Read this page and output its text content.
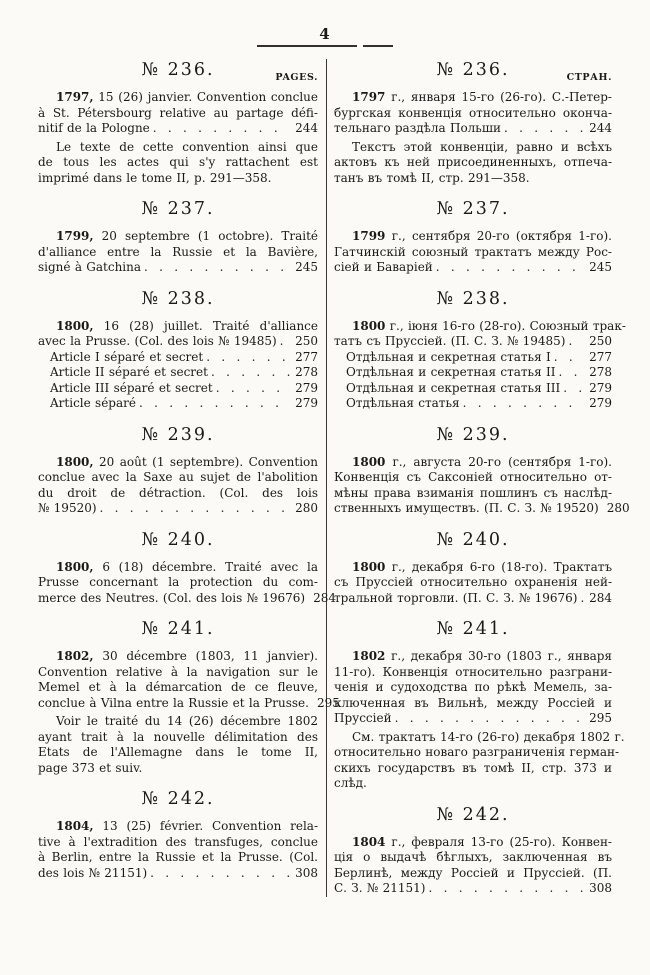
4
PAGES.
№ 236.
1797, 15 (26) janvier. Convention conclue
à St. Pétersbourg relative au partage défi-
nitif de la Pologne . . .	244
Le texte de cette convention ainsi que
de tous les actes qui s'y rattachent est
imprimé dans le tome II, p. 291—358.
№ 237.
1799, 20 septembre (1 octobre). Traité
d'alliance entre la Russie et la Bavière,
signé à Gatchina . . .	245
№ 238.
1800, 16 (28) juillet. Traité d'alliance
avec la Prusse. (Col. des lois № 19485) . . . 250
Article I séparé et secret . . .	277
Article II séparé et secret . . .	278
Article III séparé et secret . . .	279
Article séparé . . .	279
№ 239.
1800, 20 août (1 septembre). Convention
conclue avec la Saxe au sujet de l'abolition
du droit de détraction. (Col. des lois
№ 19520) . . .	280
№ 240.
1800, 6 (18) décembre. Traité avec la
Prusse concernant la protection du com-
merce des Neutres. (Col. des lois № 19676) 284
№ 241.
1802, 30 décembre (1803, 11 janvier).
Convention relative à la navigation sur le
Memel et à la démarcation de ce fleuve,
conclue à Vilna entre la Russie et la Prusse. 295
Voir le traité du 14 (26) décembre 1802
ayant trait à la nouvelle délimitation des
Etats de l'Allemagne dans le tome II,
page 373 et suiv.
№ 242.
1804, 13 (25) février. Convention rela-
tive à l'extradition des transfuges, conclue
à Berlin, entre la Russie et la Prusse. (Col.
des lois № 21151) . . .	308
СТРАН.
№ 236.
1797 г., января 15-го (26-го). С.-Петер-
бургская конвенція относительно оконча-
тельнаго раздѣла Польши . . .	244
Текстъ этой конвенціи, равно и всѣхъ
актовъ къ ней присоединенныхъ, отпеча-
танъ въ томѣ II, стр. 291—358.
№ 237.
1799 г., сентября 20-го (октября 1-го).
Гатчинскій союзный трактатъ между Рос-
сіей и Баваріей . . .	245
№ 238.
1800 г., іюня 16-го (28-го). Союзный трак-
татъ съ Пруссіей. (П. С. З. № 19485) . . . 250
Отдѣльная и секретная статья I . . .	277
Отдѣльная и секретная статья II . . .	278
Отдѣльная и секретная статья III . . . 279
Отдѣльная статья . . .	279
№ 239.
1800 г., августа 20-го (сентября 1-го).
Конвенція съ Саксоніей относительно от-
мѣны права взиманія пошлинъ съ наслѣд-
ственныхъ имуществъ. (П. С. З. № 19520) 280
№ 240.
1800 г., декабря 6-го (18-го). Трактатъ
съ Пруссіей относительно охраненія ней-
тральной торговли. (П. С. З. № 19676) . . . 284
№ 241.
1802 г., декабря 30-го (1803 г., января
11-го). Конвенція относительно разграни-
ченія и судоходства по рѣкѣ Мемель, за-
ключенная въ Вильнѣ, между Россіей и
Пруссіей . . .	295
См. трактатъ 14-го (26-го) декабря 1802 г.
относительно новаго разграниченія герман-
скихъ государствъ въ томѣ II, стр. 373 и
слѣд.
№ 242.
1804 г., февраля 13-го (25-го). Конвен-
ція о выдачѣ бѣглыхъ, заключенная въ
Берлинѣ, между Россіей и Пруссіей. (П.
С. З. № 21151) . . .	308
